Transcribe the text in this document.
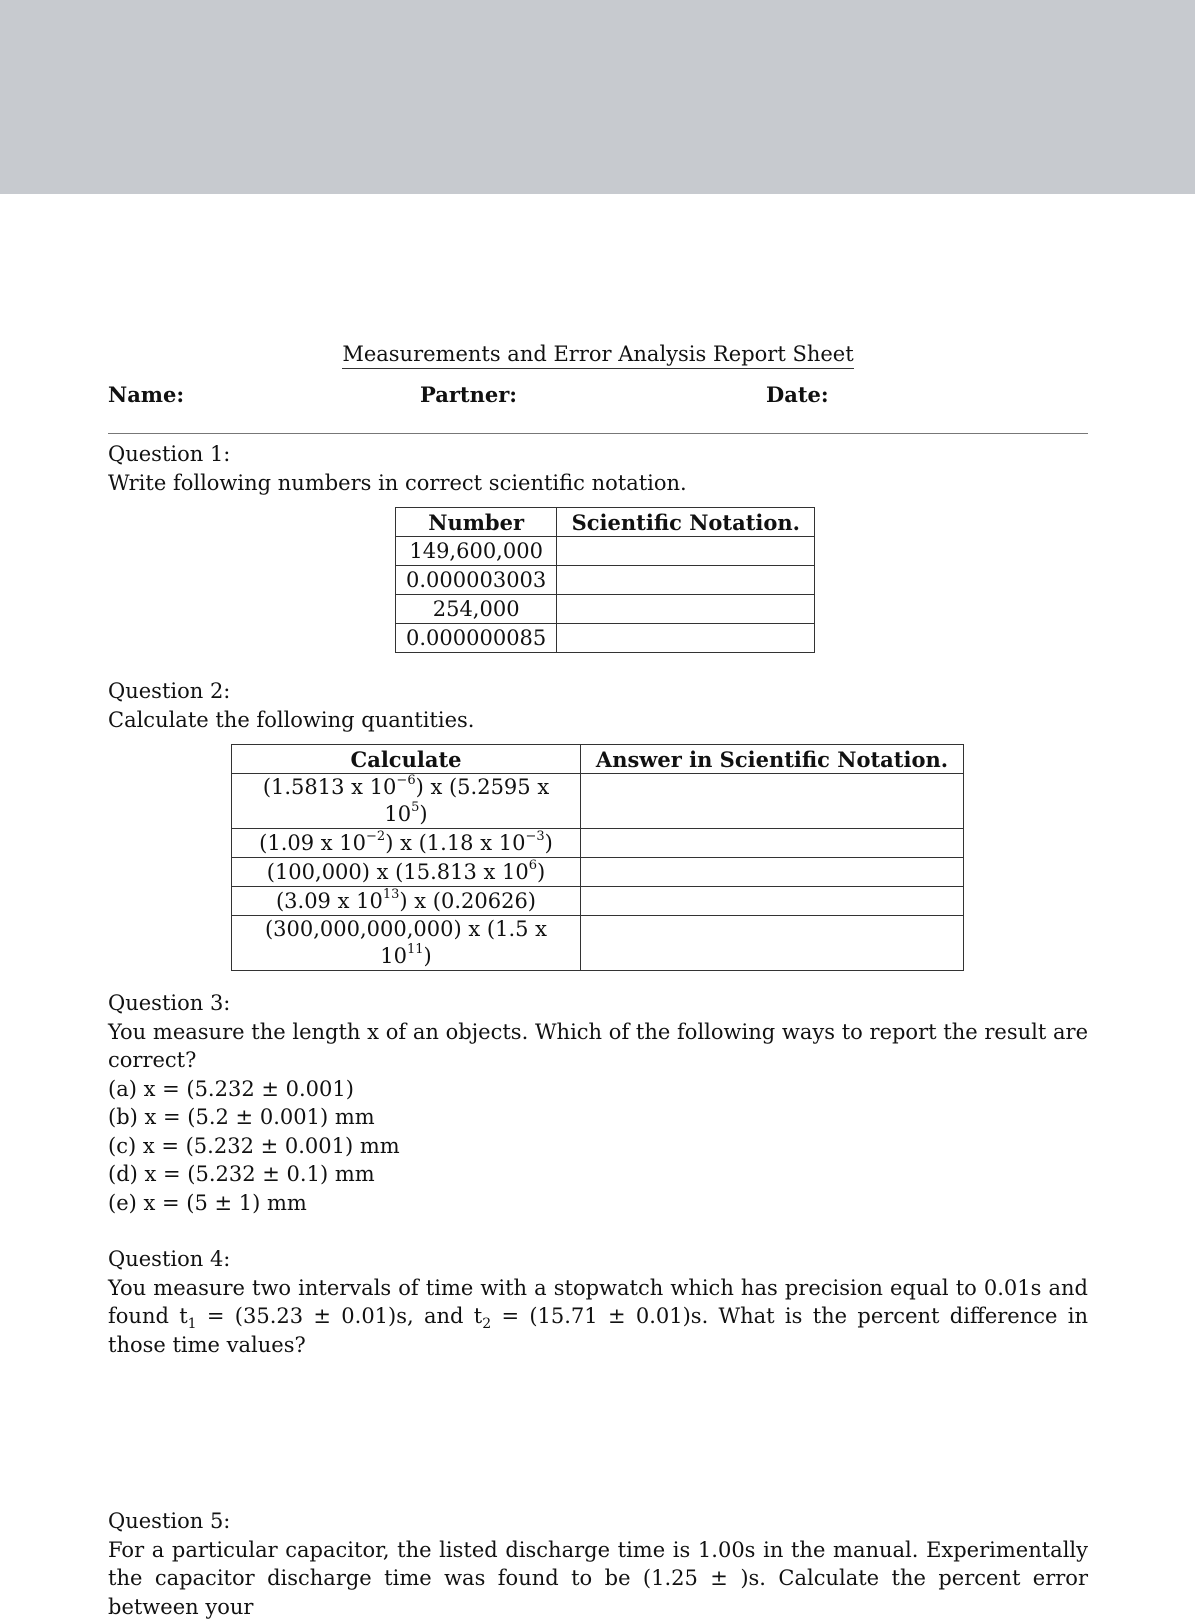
Measurements and Error Analysis Report Sheet
Name:	Partner:	Date:

Question 1:

Write following numbers in correct scientific notation.

Number	Scientific Notation.
149,600,000	
0.000003003	
254,000	
0.000000085	

Question 2:

Calculate the following quantities.

Calculate	Answer in Scientific Notation.
(1.5813 x $10^{-6}$) x (5.2595 x $10^5$)	
(1.09 x $10^{-2}$) x (1.18 x $10^{-3}$)	
(100,000) x (15.813 x $10^6$)	
(3.09 x $10^{13}$) x (0.20626)	
(300,000,000,000) x (1.5 x $10^{11}$)	

Question 3:

You measure the length x of an objects. Which of the following ways to report the result are correct?

(a) x = (5.232 ± 0.001)

(b) x = (5.2 ± 0.001) mm

(c) x = (5.232 ± 0.001) mm

(d) x = (5.232 ± 0.1) mm

(e) x = (5 ± 1) mm

Question 4:

You measure two intervals of time with a stopwatch which has precision equal to 0.01s and found $t_1 = (35.23 \pm 0.01)s$, and $t_2 = (15.71 \pm 0.01)s$. What is the percent difference in those time values?

Question 5:

For a particular capacitor, the listed discharge time is 1.00s in the manual. Experimentally the capacitor discharge time was found to be (1.25 ± )s. Calculate the percent error between your
